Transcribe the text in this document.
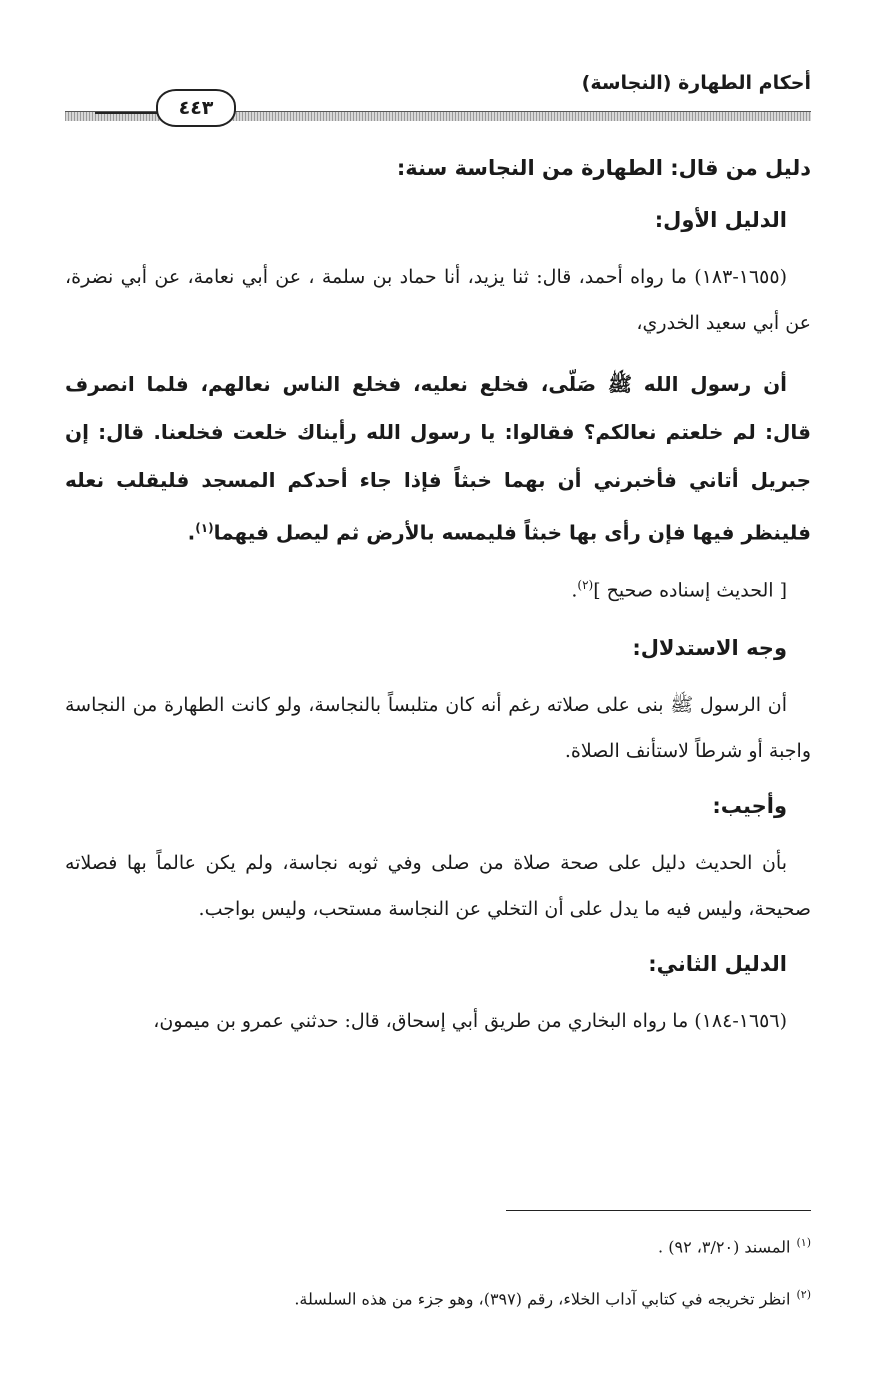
أحكام الطهارة (النجاسة)
٤٤٣
دليل من قال: الطهارة من النجاسة سنة:
الدليل الأول:

(١٦٥٥-١٨٣) ما رواه أحمد، قال: ثنا يزيد، أنا حماد بن سلمة ، عن أبي نعامة، عن أبي نضرة، عن أبي سعيد الخدري،

أن رسول الله ﷺ صَلّى، فخلع نعليه، فخلع الناس نعالهم، فلما انصرف قال: لم خلعتم نعالكم؟ فقالوا: يا رسول الله رأيناك خلعت فخلعنا. قال: إن جبريل أتاني فأخبرني أن بهما خبثاً فإذا جاء أحدكم المسجد فليقلب نعله فلينظر فيها فإن رأى بها خبثاً فليمسه بالأرض ثم ليصل فيهما$^{(١)}$.

[ الحديث إسناده صحيح ]$^{(٢)}$.

وجه الاستدلال:

أن الرسول ﷺ بنى على صلاته رغم أنه كان متلبساً بالنجاسة، ولو كانت الطهارة من النجاسة واجبة أو شرطاً لاستأنف الصلاة.

وأجيب:

بأن الحديث دليل على صحة صلاة من صلى وفي ثوبه نجاسة، ولم يكن عالماً بها فصلاته صحيحة، وليس فيه ما يدل على أن التخلي عن النجاسة مستحب، وليس بواجب.

الدليل الثاني:

(١٦٥٦-١٨٤) ما رواه البخاري من طريق أبي إسحاق، قال: حدثني عمرو بن ميمون،

$^{(١)}$المسند (٣/٢٠، ٩٢) .

$^{(٢)}$انظر تخريجه في كتابي آداب الخلاء، رقم (٣٩٧)، وهو جزء من هذه السلسلة.
